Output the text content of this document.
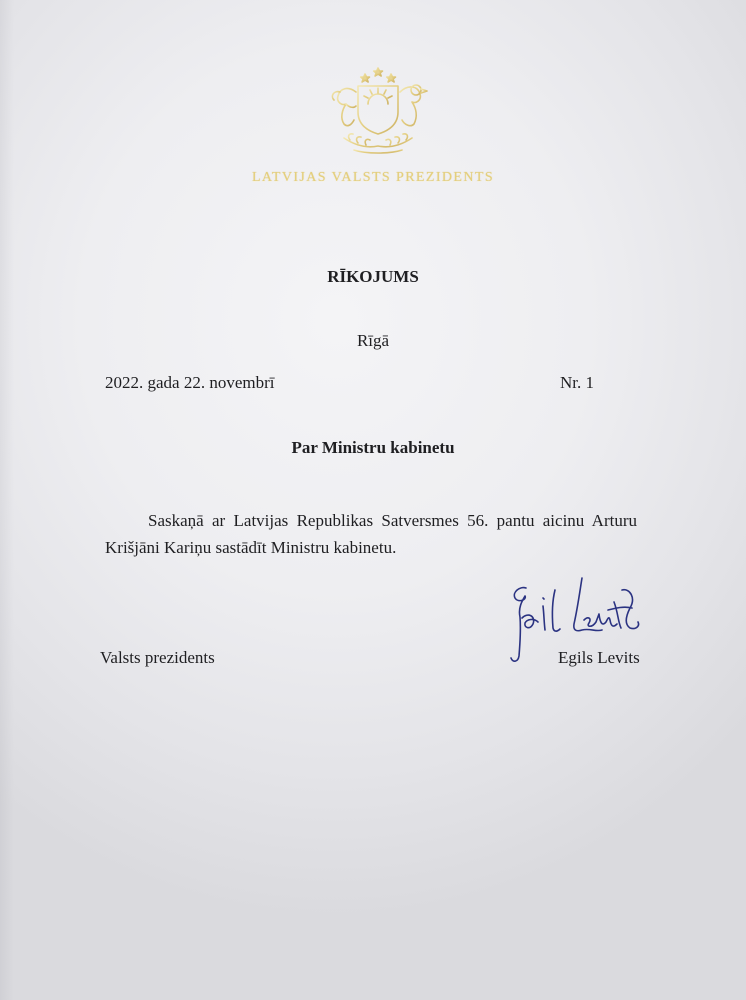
LATVIJAS VALSTS PREZIDENTS
RĪKOJUMS
Rīgā
2022. gada 22. novembrī	Nr. 1
Par Ministru kabinetu
Saskaņā ar Latvijas Republikas Satversmes 56. pantu aicinu Arturu Krišjāni Kariņu sastādīt Ministru kabinetu.
Valsts prezidents	Egils Levits
